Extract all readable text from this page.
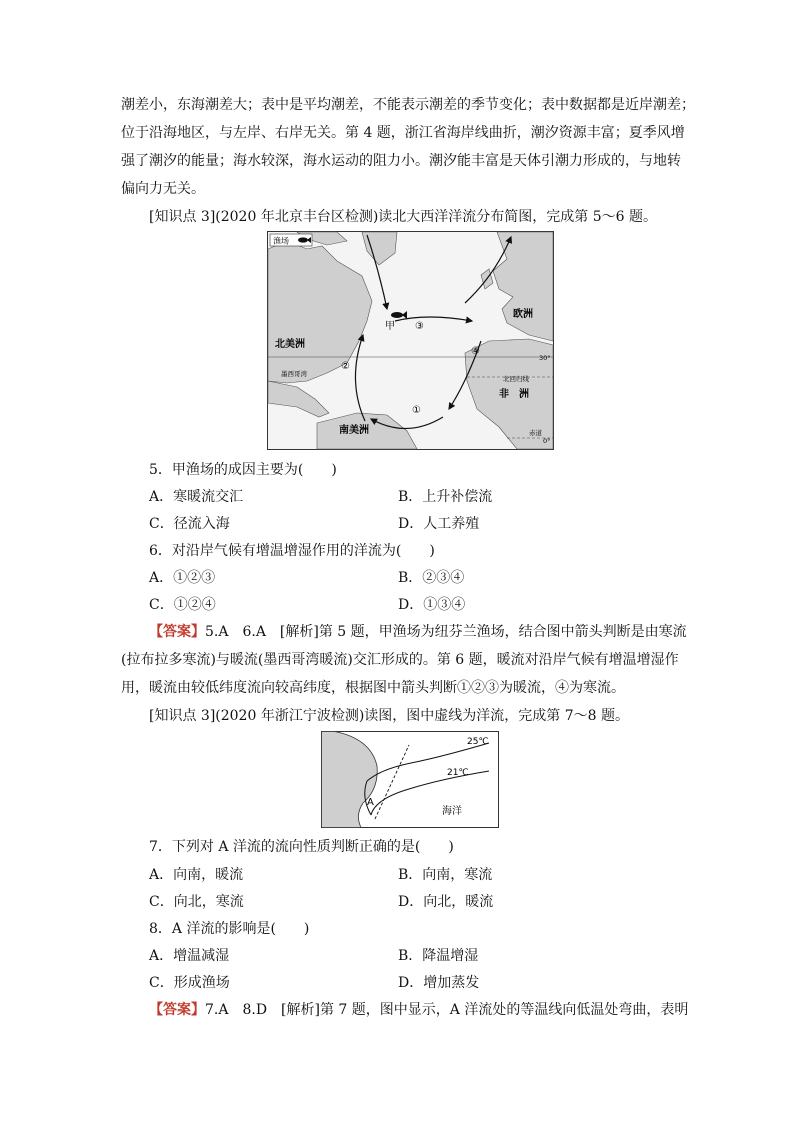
潮差小，东海潮差大；表中是平均潮差，不能表示潮差的季节变化；表中数据都是近岸潮差；
位于沿海地区，与左岸、右岸无关。第 4 题，浙江省海岸线曲折，潮汐资源丰富；夏季风增
强了潮汐的能量；海水较深，海水运动的阻力小。潮汐能丰富是天体引潮力形成的，与地转
偏向力无关。
[知识点 3](2020 年北京丰台区检测)读北大西洋洋流分布简图，完成第 5～6 题。
渔场
甲 ③
欧洲
北美洲
④
②
墨西哥湾
北回归线
30°
非　洲
①
南美洲	赤道
0°
5．甲渔场的成因主要为(　　)
A．寒暖流交汇	B．上升补偿流
C．径流入海	D．人工养殖
6．对沿岸气候有增温增湿作用的洋流为(　　)
A．①②③	B．②③④
C．①②④	D．①③④
【答案】5.A　6.A　[解析]第 5 题，甲渔场为纽芬兰渔场，结合图中箭头判断是由寒流
(拉布拉多寒流)与暖流(墨西哥湾暖流)交汇形成的。第 6 题，暖流对沿岸气候有增温增湿作
用，暖流由较低纬度流向较高纬度，根据图中箭头判断①②③为暖流，④为寒流。
[知识点 3](2020 年浙江宁波检测)读图，图中虚线为洋流，完成第 7～8 题。
25℃
21℃
A
海洋
7．下列对 A 洋流的流向性质判断正确的是(　　)
A．向南，暖流	B．向南，寒流
C．向北，寒流	D．向北，暖流
8．A 洋流的影响是(　　)
A．增温减湿	B．降温增湿
C．形成渔场	D．增加蒸发
【答案】7.A　8.D　[解析]第 7 题，图中显示，A 洋流处的等温线向低温处弯曲，表明
